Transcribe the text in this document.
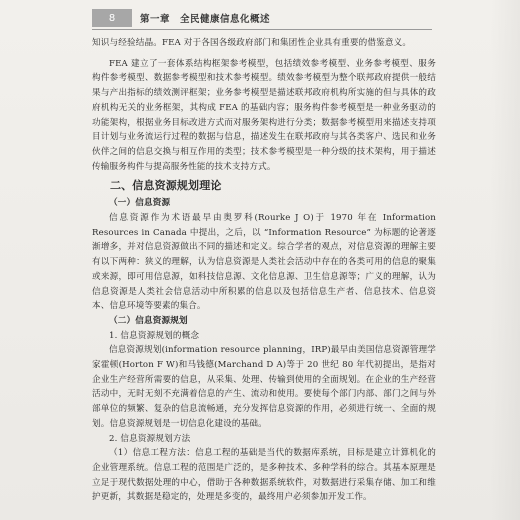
8	第一章　全民健康信息化概述

知识与经验结晶。FEA 对于各国各级政府部门和集团性企业具有重要的借鉴意义。

FEA 建立了一套体系结构框架参考模型，包括绩效参考模型、业务参考模型、服务构件参考模型、数据参考模型和技术参考模型。绩效参考模型为整个联邦政府提供一般结果与产出指标的绩效测评框架；业务参考模型是描述联邦政府机构所实施的但与具体的政府机构无关的业务框架，其构成 FEA 的基础内容；服务构件参考模型是一种业务驱动的功能架构，根据业务目标改进方式而对服务架构进行分类；数据参考模型用来描述支持项目计划与业务流运行过程的数据与信息，描述发生在联邦政府与其各类客户、选民和业务伙伴之间的信息交换与相互作用的类型；技术参考模型是一种分级的技术架构，用于描述传输服务构件与提高服务性能的技术支持方式。

二、信息资源规划理论

（一）信息资源

信息资源作为术语最早由奥罗科(Rourke J O)于 1970 年在 Information Resources in Canada 中提出，之后，以 “Information Resource” 为标题的论著逐渐增多，并对信息资源做出不同的描述和定义。综合学者的观点，对信息资源的理解主要有以下两种：狭义的理解，认为信息资源是人类社会活动中存在的各类可用的信息的聚集或来源，即可用信息源，如科技信息源、文化信息源、卫生信息源等；广义的理解，认为信息资源是人类社会信息活动中所积累的信息以及包括信息生产者、信息技术、信息资本、信息环境等要素的集合。

（二）信息资源规划

1. 信息资源规划的概念

信息资源规划(information resource planning，IRP)最早由美国信息资源管理学家霍顿(Horton F W)和马钱德(Marchand D A)等于 20 世纪 80 年代初提出，是指对企业生产经营所需要的信息，从采集、处理、传输到使用的全面规划。在企业的生产经营活动中，无时无刻不充满着信息的产生、流动和使用。要使每个部门内部、部门之间与外部单位的频繁、复杂的信息流畅通，充分发挥信息资源的作用，必须进行统一、全面的规划。信息资源规划是一切信息化建设的基础。

2. 信息资源规划方法

（1）信息工程方法：信息工程的基础是当代的数据库系统，目标是建立计算机化的企业管理系统。信息工程的范围是广泛的，是多种技术、多种学科的综合。其基本原理是立足于现代数据处理的中心，借助于各种数据系统软件，对数据进行采集存储、加工和维护更新，其数据是稳定的，处理是多变的，最终用户必须参加开发工作。
